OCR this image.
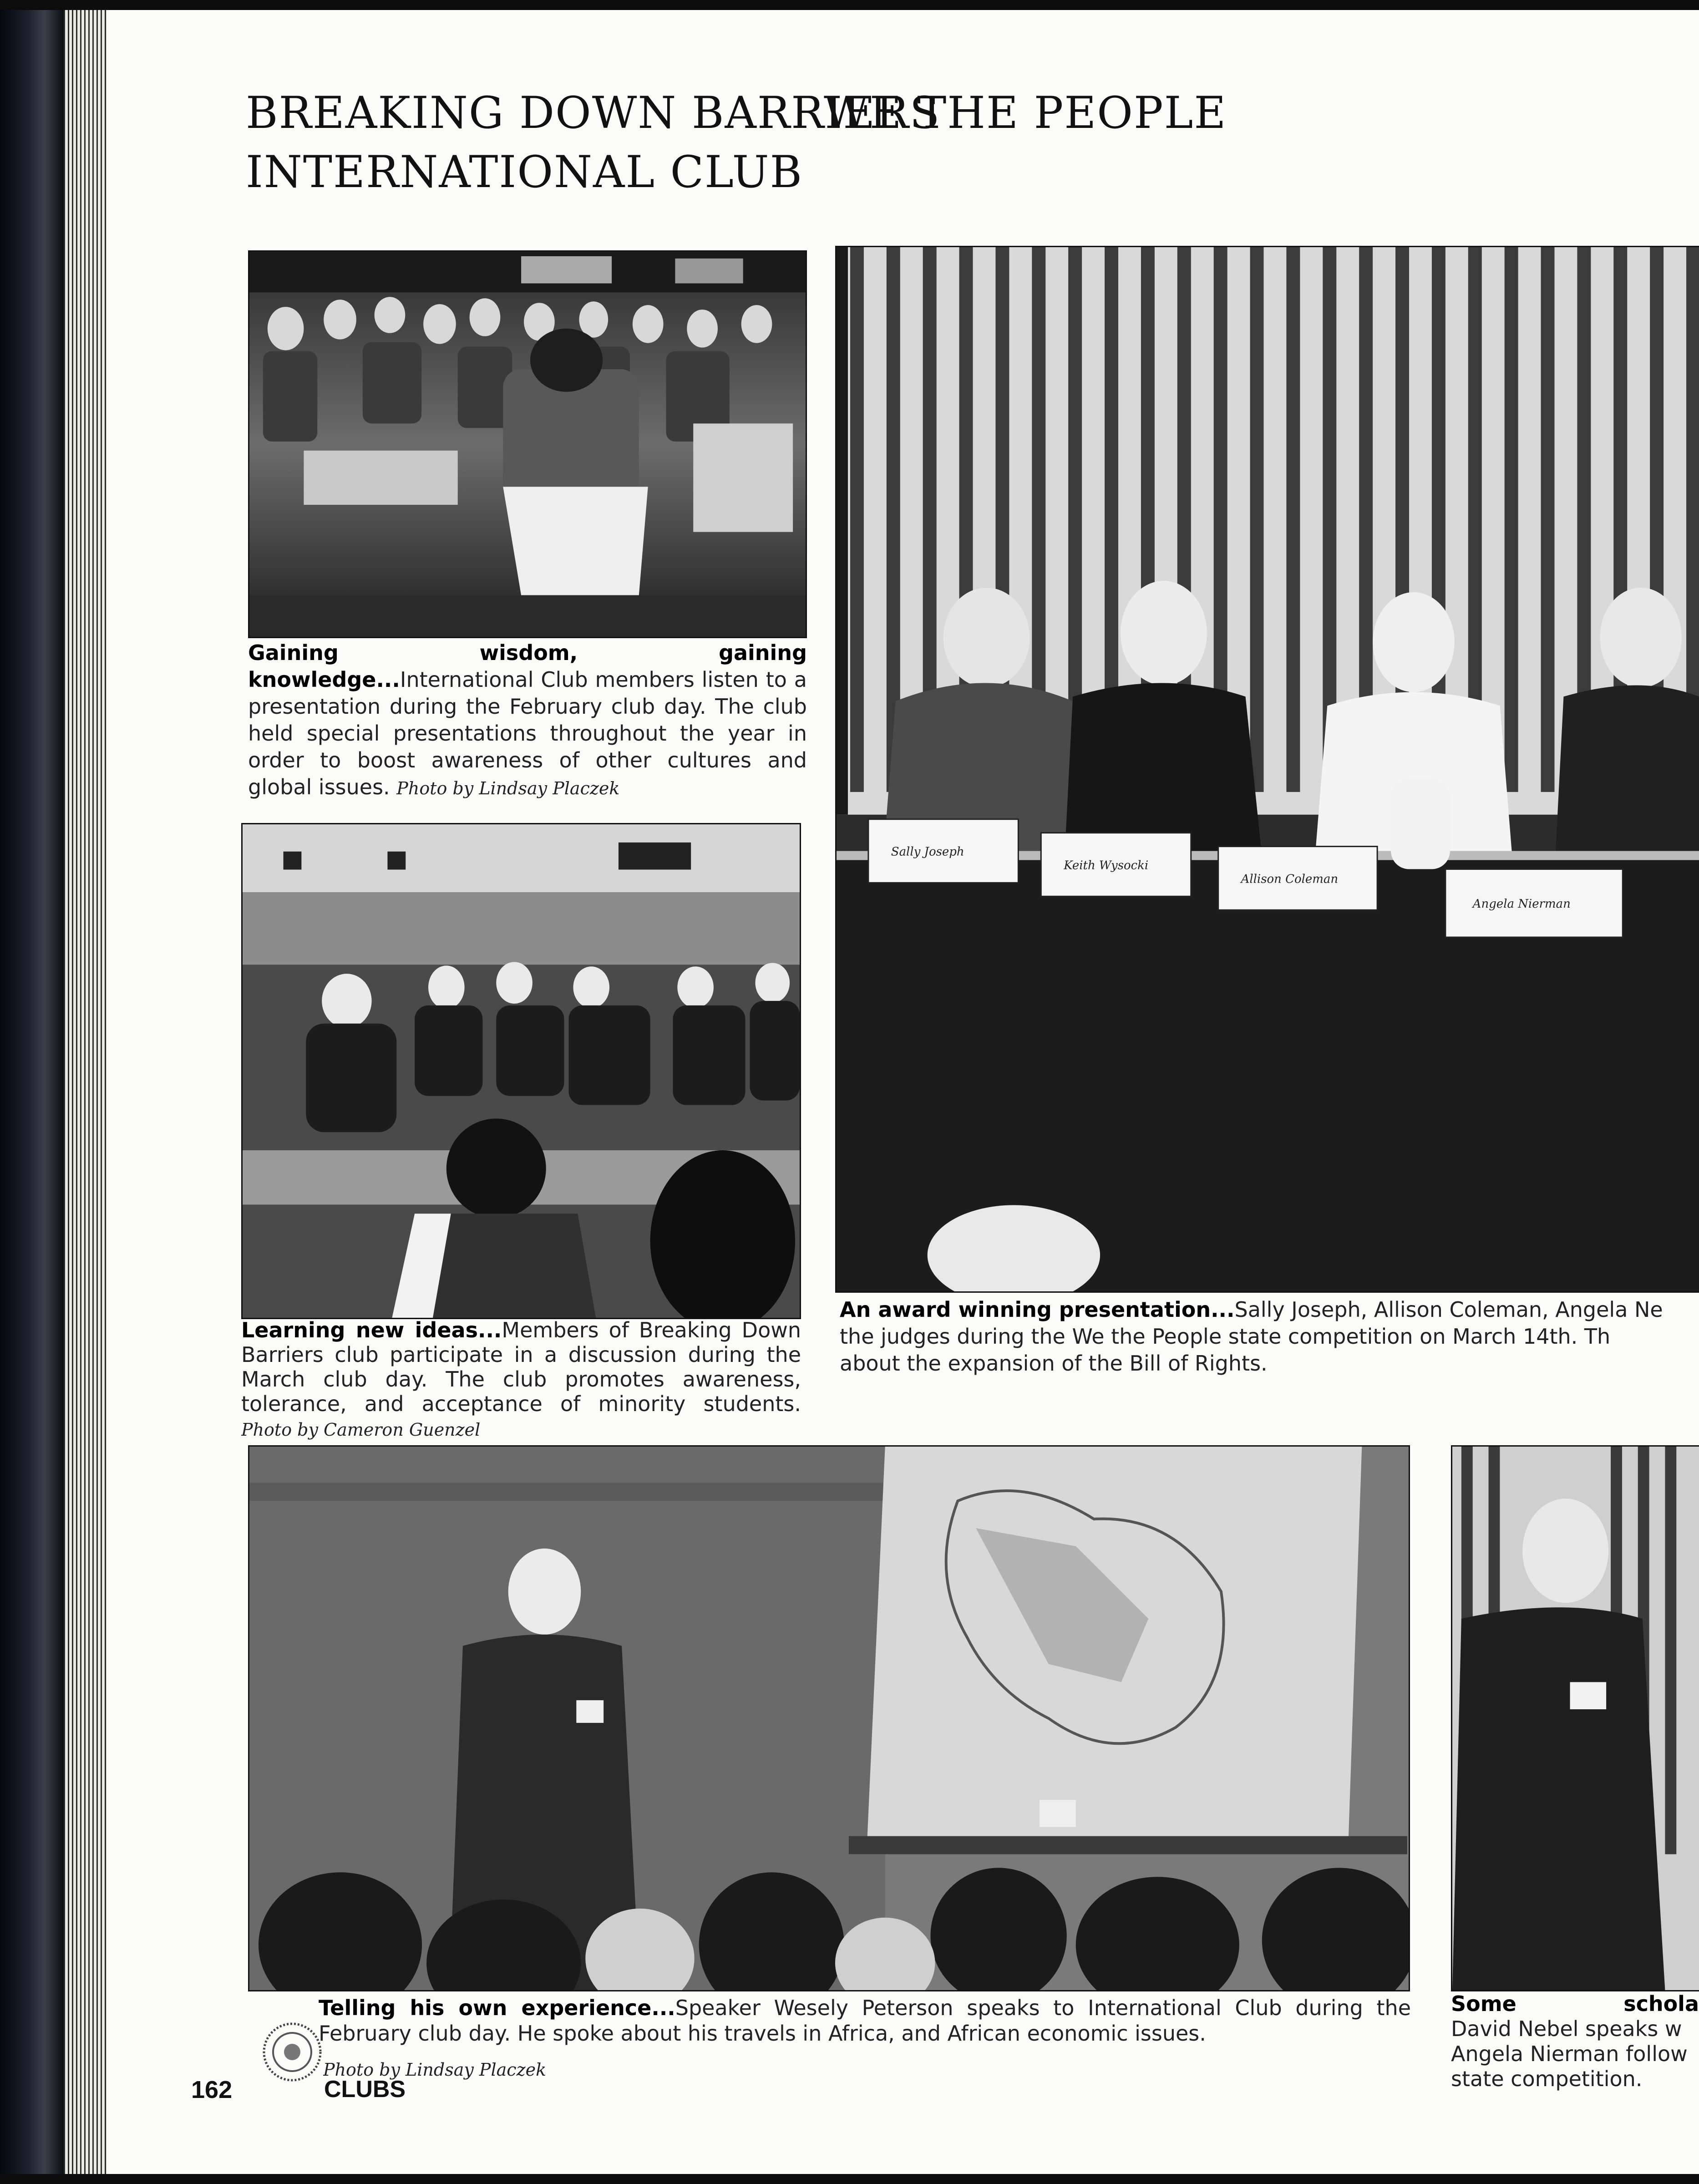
BREAKING DOWN BARRIERS
INTERNATIONAL CLUB
WE THE PEOPLE
Gaining wisdom, gaining knowledge...International Club members listen to a presentation during the February club day. The club held special presentations throughout the year in order to boost awareness of other cultures and global issues. Photo by Lindsay Placzek
Learning new ideas...Members of Breaking Down Barriers club participate in a discussion during the March club day. The club promotes awareness, tolerance, and acceptance of minority students. Photo by Cameron Guenzel
Sally Joseph
Keith Wysocki
Allison Coleman
Angela Nierman
An award winning presentation...Sally Joseph, Allison Coleman, Angela Ne
the judges during the We the People state competition on March 14th. Th
about the expansion of the Bill of Rights.
Telling his own experience...Speaker Wesely Peterson speaks to International Club during the February club day. He spoke about his travels in Africa, and African economic issues.
Photo by Lindsay Placzek
Some	schola
David Nebel speaks w
Angela Nierman follow
state competition.
162	CLUBS
